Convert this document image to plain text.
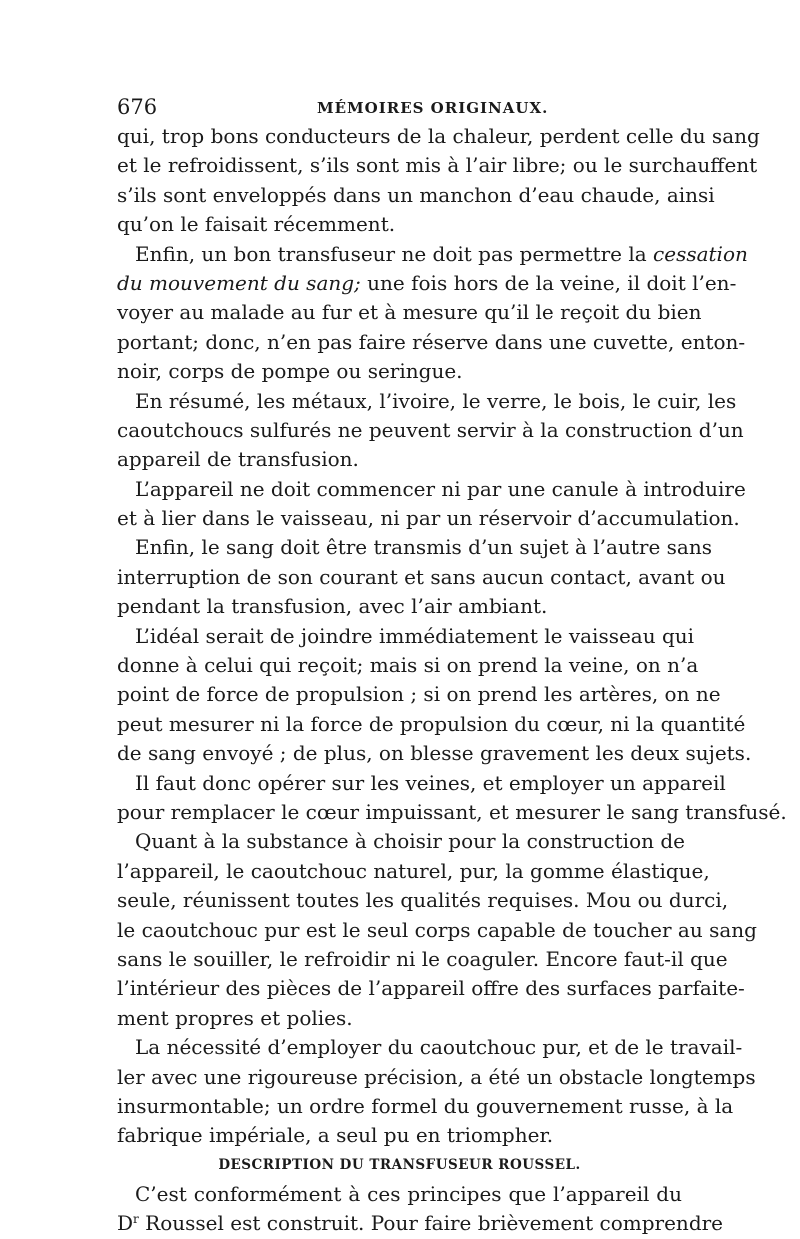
676	MÉMOIRES ORIGINAUX.
qui, trop bons conducteurs de la chaleur, perdent celle du sang
et le refroidissent, s’ils sont mis à l’air libre; ou le surchauffent
s’ils sont enveloppés dans un manchon d’eau chaude, ainsi
qu’on le faisait récemment.
Enfin, un bon transfuseur ne doit pas permettre la cessation
du mouvement du sang; une fois hors de la veine, il doit l’en-
voyer au malade au fur et à mesure qu’il le reçoit du bien
portant; donc, n’en pas faire réserve dans une cuvette, enton-
noir, corps de pompe ou seringue.
En résumé, les métaux, l’ivoire, le verre, le bois, le cuir, les
caoutchoucs sulfurés ne peuvent servir à la construction d’un
appareil de transfusion.
L’appareil ne doit commencer ni par une canule à introduire
et à lier dans le vaisseau, ni par un réservoir d’accumulation.
Enfin, le sang doit être transmis d’un sujet à l’autre sans
interruption de son courant et sans aucun contact, avant ou
pendant la transfusion, avec l’air ambiant.
L’idéal serait de joindre immédiatement le vaisseau qui
donne à celui qui reçoit; mais si on prend la veine, on n’a
point de force de propulsion ; si on prend les artères, on ne
peut mesurer ni la force de propulsion du cœur, ni la quantité
de sang envoyé ; de plus, on blesse gravement les deux sujets.
Il faut donc opérer sur les veines, et employer un appareil
pour remplacer le cœur impuissant, et mesurer le sang transfusé.
Quant à la substance à choisir pour la construction de
l’appareil, le caoutchouc naturel, pur, la gomme élastique,
seule, réunissent toutes les qualités requises. Mou ou durci,
le caoutchouc pur est le seul corps capable de toucher au sang
sans le souiller, le refroidir ni le coaguler. Encore faut-il que
l’intérieur des pièces de l’appareil offre des surfaces parfaite-
ment propres et polies.
La nécessité d’employer du caoutchouc pur, et de le travail-
ler avec une rigoureuse précision, a été un obstacle longtemps
insurmontable; un ordre formel du gouvernement russe, à la
fabrique impériale, a seul pu en triompher.
DESCRIPTION DU TRANSFUSEUR ROUSSEL.
C’est conformément à ces principes que l’appareil du
$D^r$ Roussel est construit. Pour faire brièvement comprendre
